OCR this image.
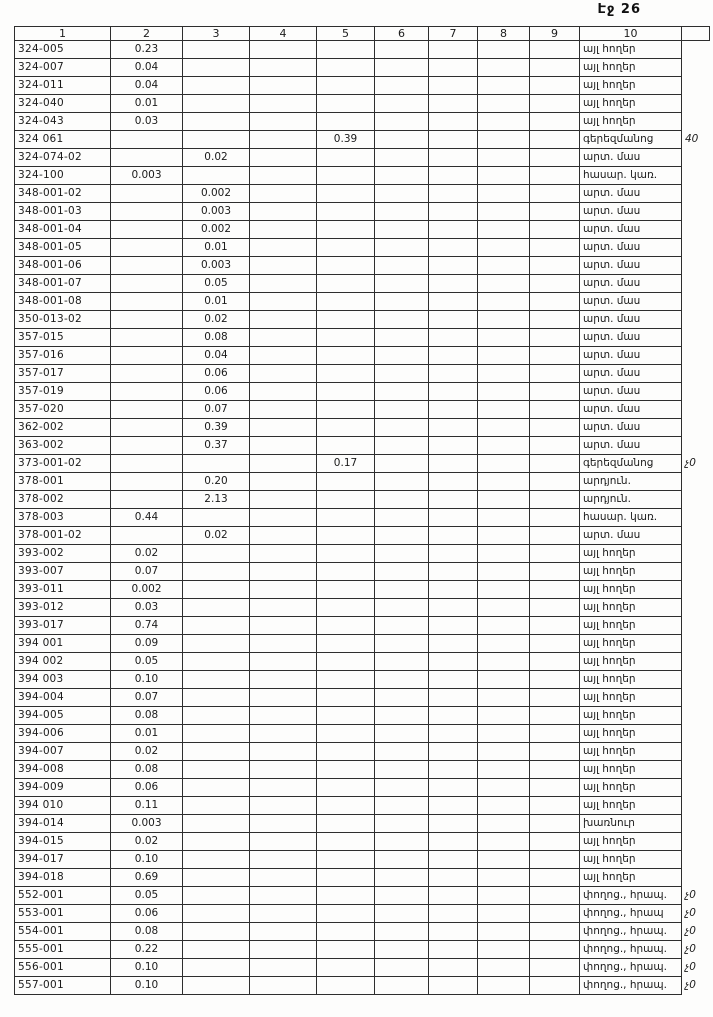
Էջ 26
1	2	3	4	5	6	7	8	9	10	
324-005	0.23								այլ հողեր	
324-007	0.04								այլ հողեր	
324-011	0.04								այլ հողեր	
324-040	0.01								այլ հողեր	
324-043	0.03								այլ հողեր	
324 061				0.39					գերեզմանոց	40
324-074-02		0.02							արտ. մաս	
324-100	0.003								հասար. կառ.	
348-001-02		0.002							արտ. մաս	
348-001-03		0.003							արտ. մաս	
348-001-04		0.002							արտ. մաս	
348-001-05		0.01							արտ. մաս	
348-001-06		0.003							արտ. մաս	
348-001-07		0.05							արտ. մաս	
348-001-08		0.01							արտ. մաս	
350-013-02		0.02							արտ. մաս	
357-015		0.08							արտ. մաս	
357-016		0.04							արտ. մաս	
357-017		0.06							արտ. մաս	
357-019		0.06							արտ. մաս	
357-020		0.07							արտ. մաս	
362-002		0.39							արտ. մաս	
363-002		0.37							արտ. մաս	
373-001-02				0.17					գերեզմանոց	չ0
378-001		0.20							արդյուն.	
378-002		2.13							արդյուն.	
378-003	0.44								հասար. կառ.	
378-001-02		0.02							արտ. մաս	
393-002	0.02								այլ հողեր	
393-007	0.07								այլ հողեր	
393-011	0.002								այլ հողեր	
393-012	0.03								այլ հողեր	
393-017	0.74								այլ հողեր	
394 001	0.09								այլ հողեր	
394 002	0.05								այլ հողեր	
394 003	0.10								այլ հողեր	
394-004	0.07								այլ հողեր	
394-005	0.08								այլ հողեր	
394-006	0.01								այլ հողեր	
394-007	0.02								այլ հողեր	
394-008	0.08								այլ հողեր	
394-009	0.06								այլ հողեր	
394 010	0.11								այլ հողեր	
394-014	0.003								խառնուր	
394-015	0.02								այլ հողեր	
394-017	0.10								այլ հողեր	
394-018	0.69								այլ հողեր	
552-001	0.05								փողոց., հրապ.	չ0
553-001	0.06								փողոց., հրապ	չ0
554-001	0.08								փողոց., հրապ.	չ0
555-001	0.22								փողոց., հրապ.	չ0
556-001	0.10								փողոց., հրապ.	չ0
557-001	0.10								փողոց., հրապ.	չ0
